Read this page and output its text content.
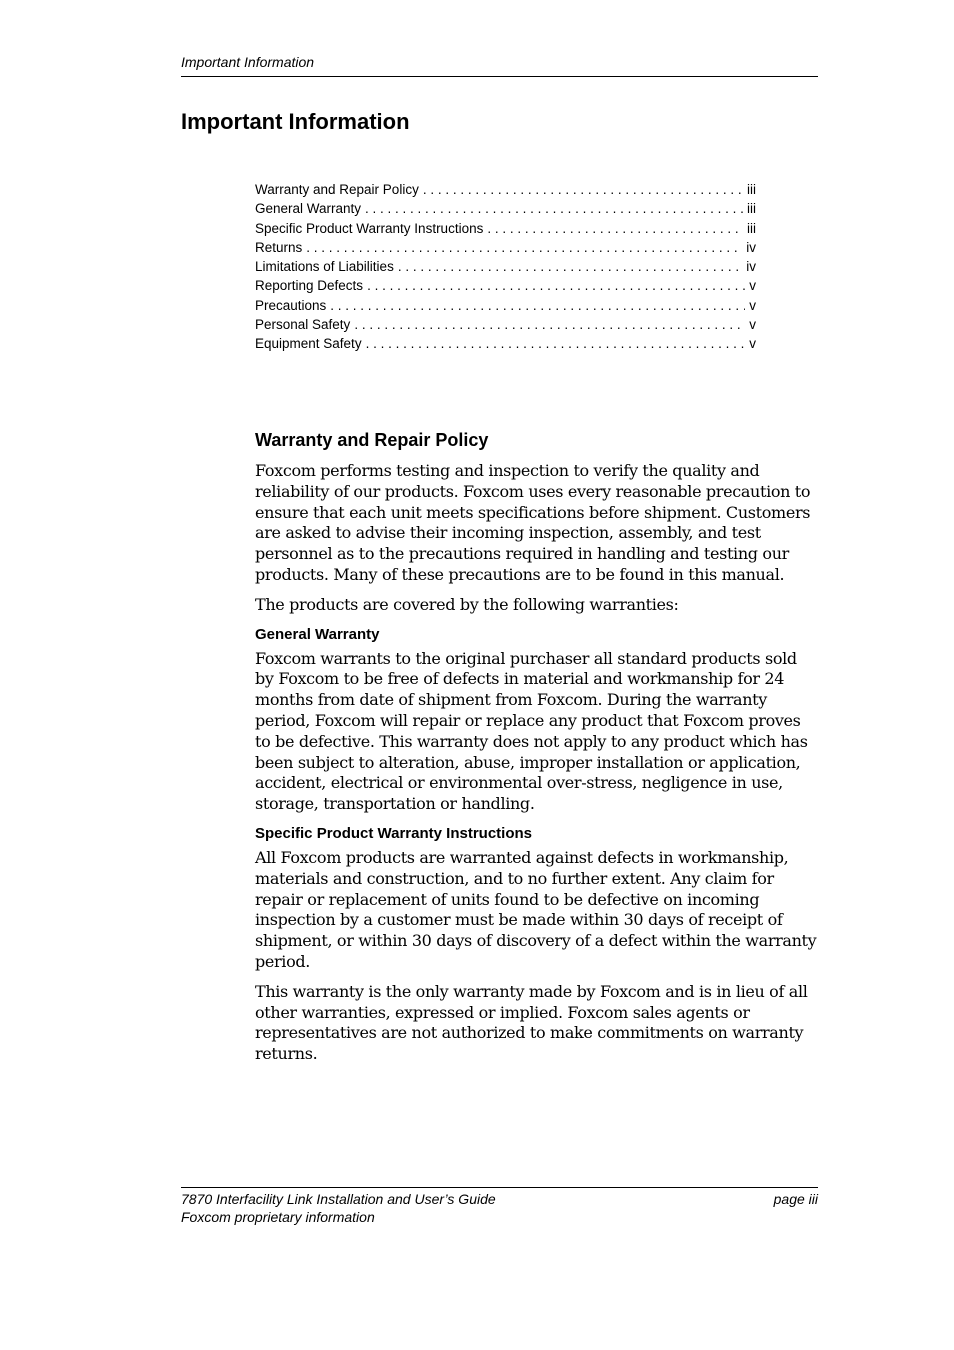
Important Information
Important Information
Warranty and Repair Policy . . .	iii
General Warranty . . .	iii
Specific Product Warranty Instructions . . .	iii
Returns . . .	iv
Limitations of Liabilities . . .	iv
Reporting Defects . . .	v
Precautions . . .	v
Personal Safety . . .	v
Equipment Safety . . .	v
Warranty and Repair Policy

Foxcom performs testing and inspection to verify the quality and reliability of our products. Foxcom uses every reasonable precaution to ensure that each unit meets specifications before shipment. Customers are asked to advise their incoming inspection, assembly, and test personnel as to the precautions required in handling and testing our products. Many of these precautions are to be found in this manual.

The products are covered by the following warranties:

General Warranty

Foxcom warrants to the original purchaser all standard products sold by Foxcom to be free of defects in material and workmanship for 24 months from date of shipment from Foxcom. During the warranty period, Foxcom will repair or replace any product that Foxcom proves to be defective. This warranty does not apply to any product which has been subject to alteration, abuse, improper installation or application, accident, electrical or environmental over-stress, negligence in use, storage, transportation or handling.

Specific Product Warranty Instructions

All Foxcom products are warranted against defects in workmanship, materials and construction, and to no further extent. Any claim for repair or replacement of units found to be defective on incoming inspection by a customer must be made within 30 days of receipt of shipment, or within 30 days of discovery of a defect within the warranty period.

This warranty is the only warranty made by Foxcom and is in lieu of all other warranties, expressed or implied. Foxcom sales agents or representatives are not authorized to make commitments on warranty returns.

7870 Interfacility Link Installation and User’s Guide	page iii
Foxcom proprietary information
